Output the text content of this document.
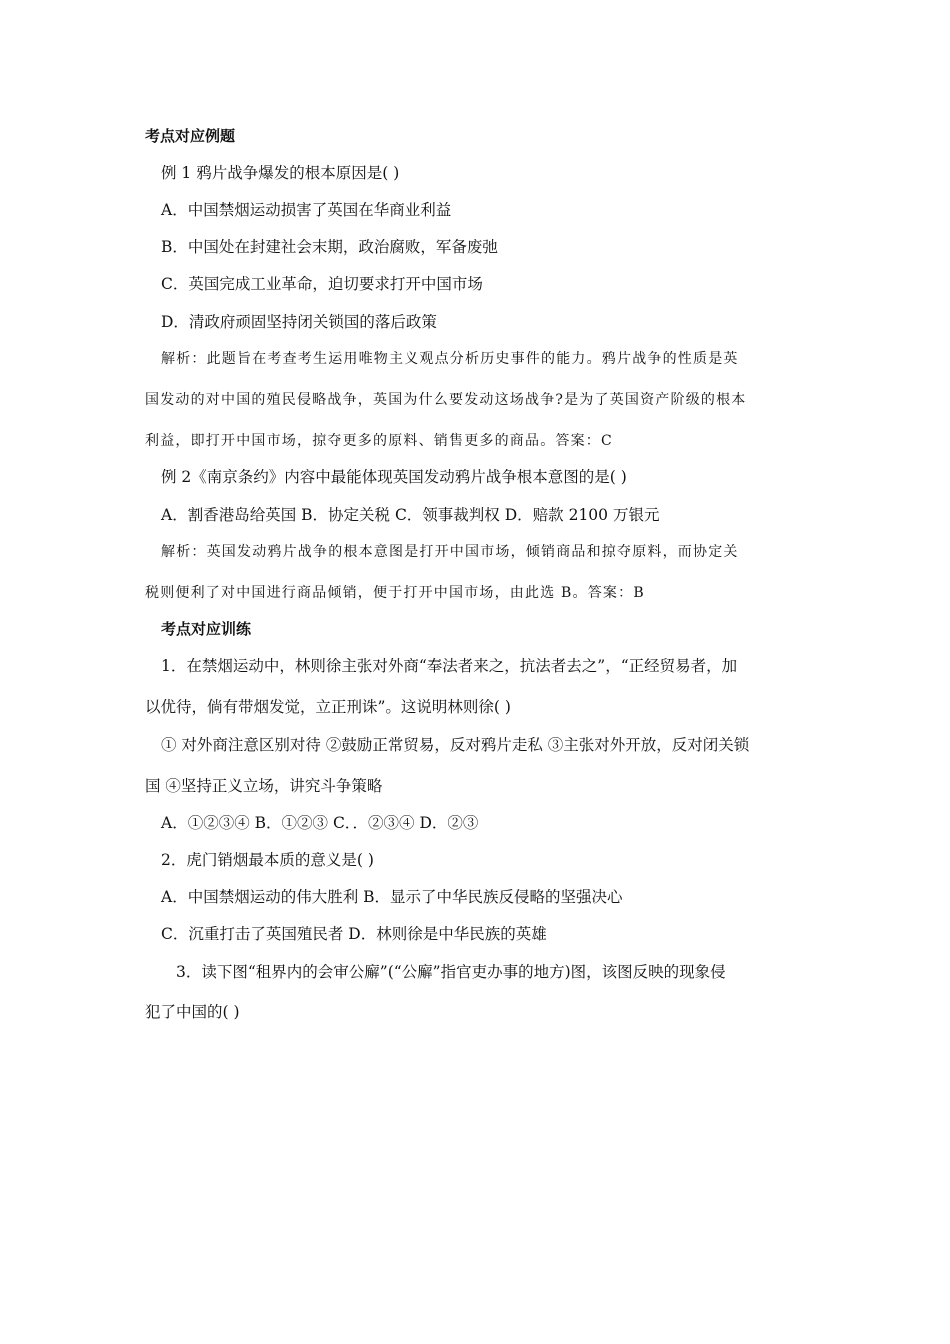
考点对应例题
例 1 鸦片战争爆发的根本原因是( )
A．中国禁烟运动损害了英国在华商业利益
B．中国处在封建社会末期，政治腐败，军备废弛
C．英国完成工业革命，迫切要求打开中国市场
D．清政府顽固坚持闭关锁国的落后政策
解析：此题旨在考查考生运用唯物主义观点分析历史事件的能力。鸦片战争的性质是英
国发动的对中国的殖民侵略战争，英国为什么要发动这场战争?是为了英国资产阶级的根本
利益，即打开中国市场，掠夺更多的原料、销售更多的商品。答案：C
例 2《南京条约》内容中最能体现英国发动鸦片战争根本意图的是( )
A．割香港岛给英国 B．协定关税 C．领事裁判权 D．赔款 2100 万银元
解析：英国发动鸦片战争的根本意图是打开中国市场，倾销商品和掠夺原料，而协定关
税则便利了对中国进行商品倾销，便于打开中国市场，由此选 B。答案：B
考点对应训练
1．在禁烟运动中，林则徐主张对外商“奉法者来之，抗法者去之”，“正经贸易者，加
以优待，倘有带烟发觉，立正刑诛”。这说明林则徐( )
① 对外商注意区别对待 ②鼓励正常贸易，反对鸦片走私 ③主张对外开放，反对闭关锁
国 ④坚持正义立场，讲究斗争策略
A．①②③④ B．①②③ C．．②③④ D．②③
2．虎门销烟最本质的意义是( )
A．中国禁烟运动的伟大胜利 B．显示了中华民族反侵略的坚强决心
C．沉重打击了英国殖民者 D．林则徐是中华民族的英雄
3．读下图“租界内的会审公廨”(“公廨”指官吏办事的地方)图，该图反映的现象侵
犯了中国的( )
